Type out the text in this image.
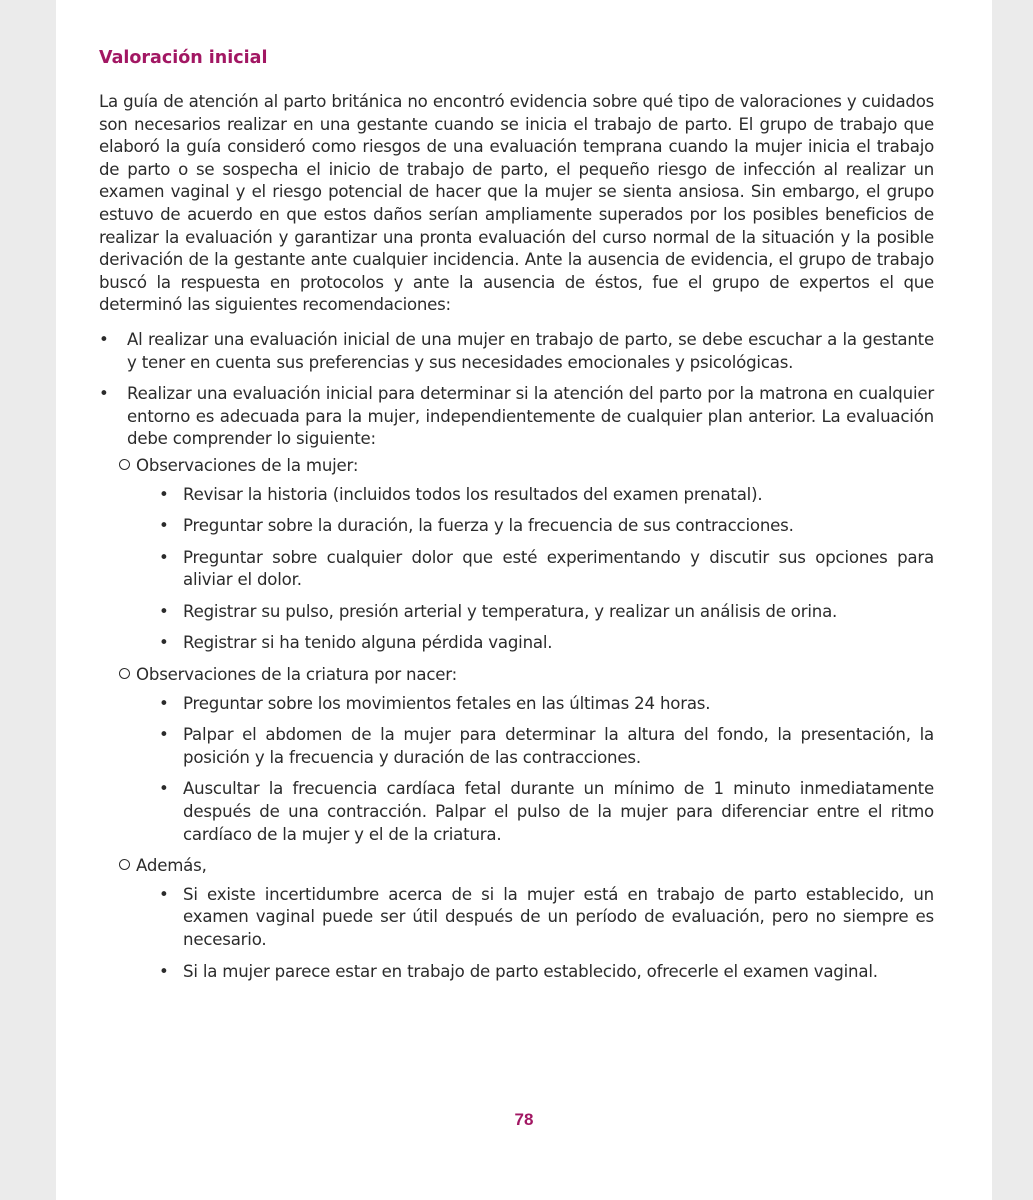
Valoración inicial

La guía de atención al parto británica no encontró evidencia sobre qué tipo de valoraciones y cuidados son necesarios realizar en una gestante cuando se inicia el trabajo de parto. El grupo de trabajo que elaboró la guía consideró como riesgos de una evaluación temprana cuando la mujer inicia el trabajo de parto o se sospecha el inicio de trabajo de parto, el pequeño riesgo de infección al realizar un examen vaginal y el riesgo potencial de hacer que la mujer se sienta ansiosa. Sin embargo, el grupo estuvo de acuerdo en que estos daños serían ampliamente superados por los posibles beneficios de realizar la evaluación y garantizar una pronta evaluación del curso normal de la situación y la posible derivación de la gestante ante cualquier incidencia. Ante la ausencia de evidencia, el grupo de trabajo buscó la respuesta en protocolos y ante la ausencia de éstos, fue el grupo de expertos el que determinó las siguientes recomendaciones:

• Al realizar una evaluación inicial de una mujer en trabajo de parto, se debe escuchar a la gestante y tener en cuenta sus preferencias y sus necesidades emocionales y psicológicas.
• Realizar una evaluación inicial para determinar si la atención del parto por la matrona en cualquier entorno es adecuada para la mujer, independientemente de cualquier plan anterior. La evaluación debe comprender lo siguiente:
Observaciones de la mujer:
• Revisar la historia (incluidos todos los resultados del examen prenatal).
• Preguntar sobre la duración, la fuerza y la frecuencia de sus contracciones.
• Preguntar sobre cualquier dolor que esté experimentando y discutir sus opciones para aliviar el dolor.
• Registrar su pulso, presión arterial y temperatura, y realizar un análisis de orina.
• Registrar si ha tenido alguna pérdida vaginal.
Observaciones de la criatura por nacer:
• Preguntar sobre los movimientos fetales en las últimas 24 horas.
• Palpar el abdomen de la mujer para determinar la altura del fondo, la presentación, la posición y la frecuencia y duración de las contracciones.
• Auscultar la frecuencia cardíaca fetal durante un mínimo de 1 minuto inmediatamente después de una contracción. Palpar el pulso de la mujer para diferenciar entre el ritmo cardíaco de la mujer y el de la criatura.
Además,
• Si existe incertidumbre acerca de si la mujer está en trabajo de parto establecido, un examen vaginal puede ser útil después de un período de evaluación, pero no siempre es necesario.
• Si la mujer parece estar en trabajo de parto establecido, ofrecerle el examen vaginal.
78
